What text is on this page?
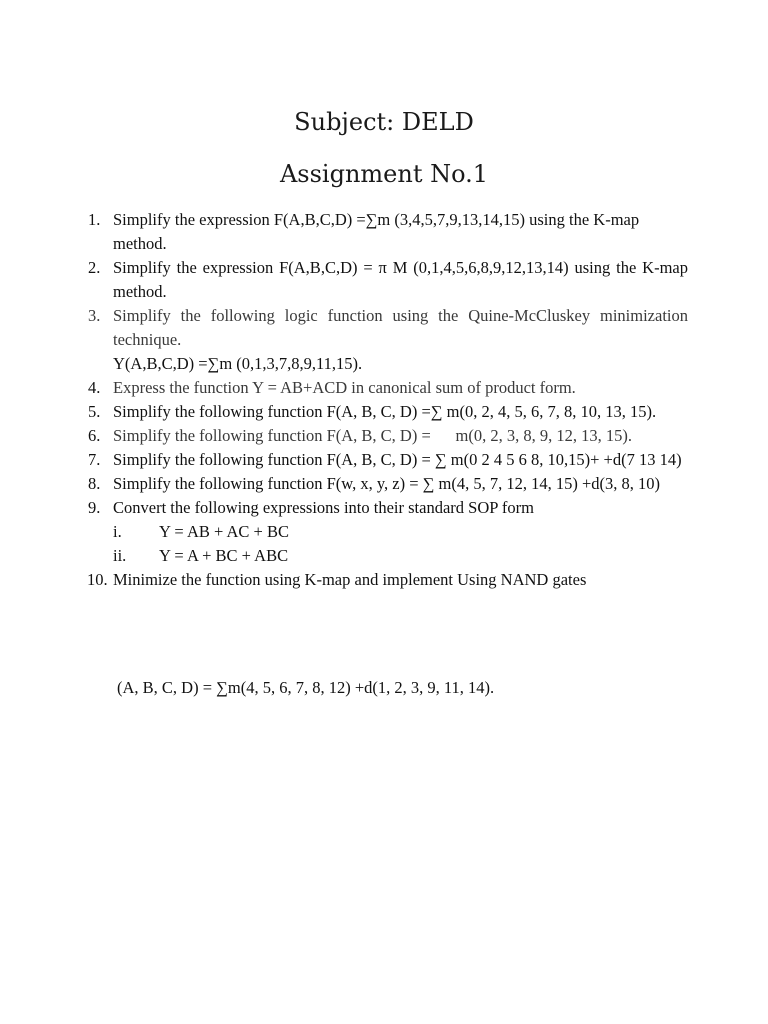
Subject: DELD
Assignment No.1
1. Simplify the expression F(A,B,C,D) =∑m (3,4,5,7,9,13,14,15) using the K-map method.
2. Simplify the expression F(A,B,C,D) = π M (0,1,4,5,6,8,9,12,13,14) using the K-map method.
3. Simplify the following logic function using the Quine-McCluskey minimization technique.
Y(A,B,C,D) =∑m (0,1,3,7,8,9,11,15).
4. Express the function Y = AB+ACD in canonical sum of product form.
5. Simplify the following function F(A, B, C, D) =∑ m(0, 2, 4, 5, 6, 7, 8, 10, 13, 15).
6. Simplify the following function F(A, B, C, D) =      m(0, 2, 3, 8, 9, 12, 13, 15).
7. Simplify the following function F(A, B, C, D) = ∑ m(0 2 4 5 6 8, 10,15)+ +d(7 13 14)
8. Simplify the following function F(w, x, y, z) = ∑ m(4, 5, 7, 12, 14, 15) +d(3, 8, 10)
9. Convert the following expressions into their standard SOP form
i. Y = AB + AC + BC
ii. Y = A + BC + ABC
10. Minimize the function using K-map and implement Using NAND gates
(A, B, C, D) = ∑m(4, 5, 6, 7, 8, 12) +d(1, 2, 3, 9, 11, 14).
